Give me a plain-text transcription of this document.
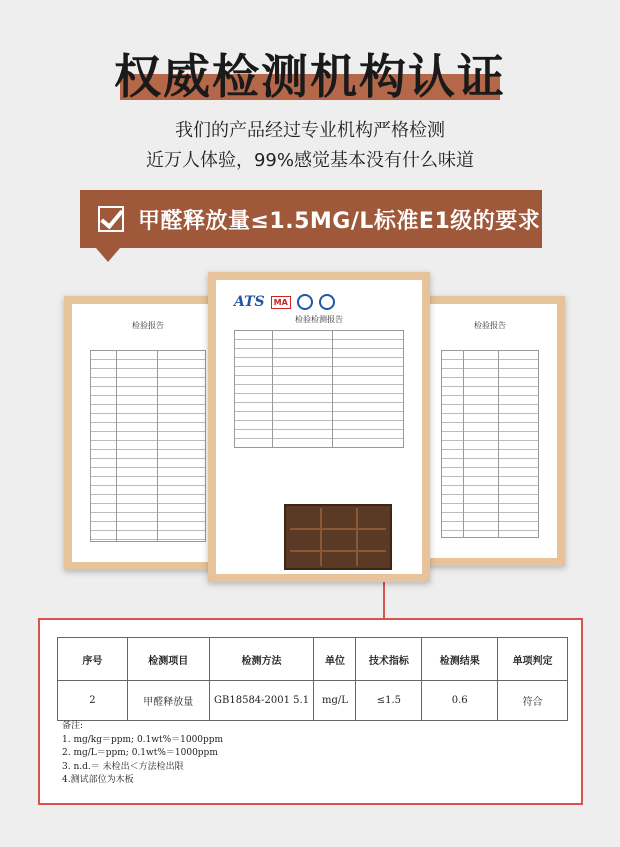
权威检测机构认证
我们的产品经过专业机构严格检测
近万人体验，99%感觉基本没有什么味道
甲醛释放量≤1.5MG/L标准E1级的要求
检验报告	检验报告
ATS	MA
检验检测报告
序号	检测项目	检测方法	单位	技术指标	检测结果	单项判定
2	甲醛释放量	GB18584-2001 5.1	mg/L	≤1.5	0.6	符合
备注:
1. mg/kg＝ppm; 0.1wt%＝1000ppm
2. mg/L＝ppm; 0.1wt%＝1000ppm
3. n.d.＝ 未检出＜方法检出限
4.测试部位为木板
